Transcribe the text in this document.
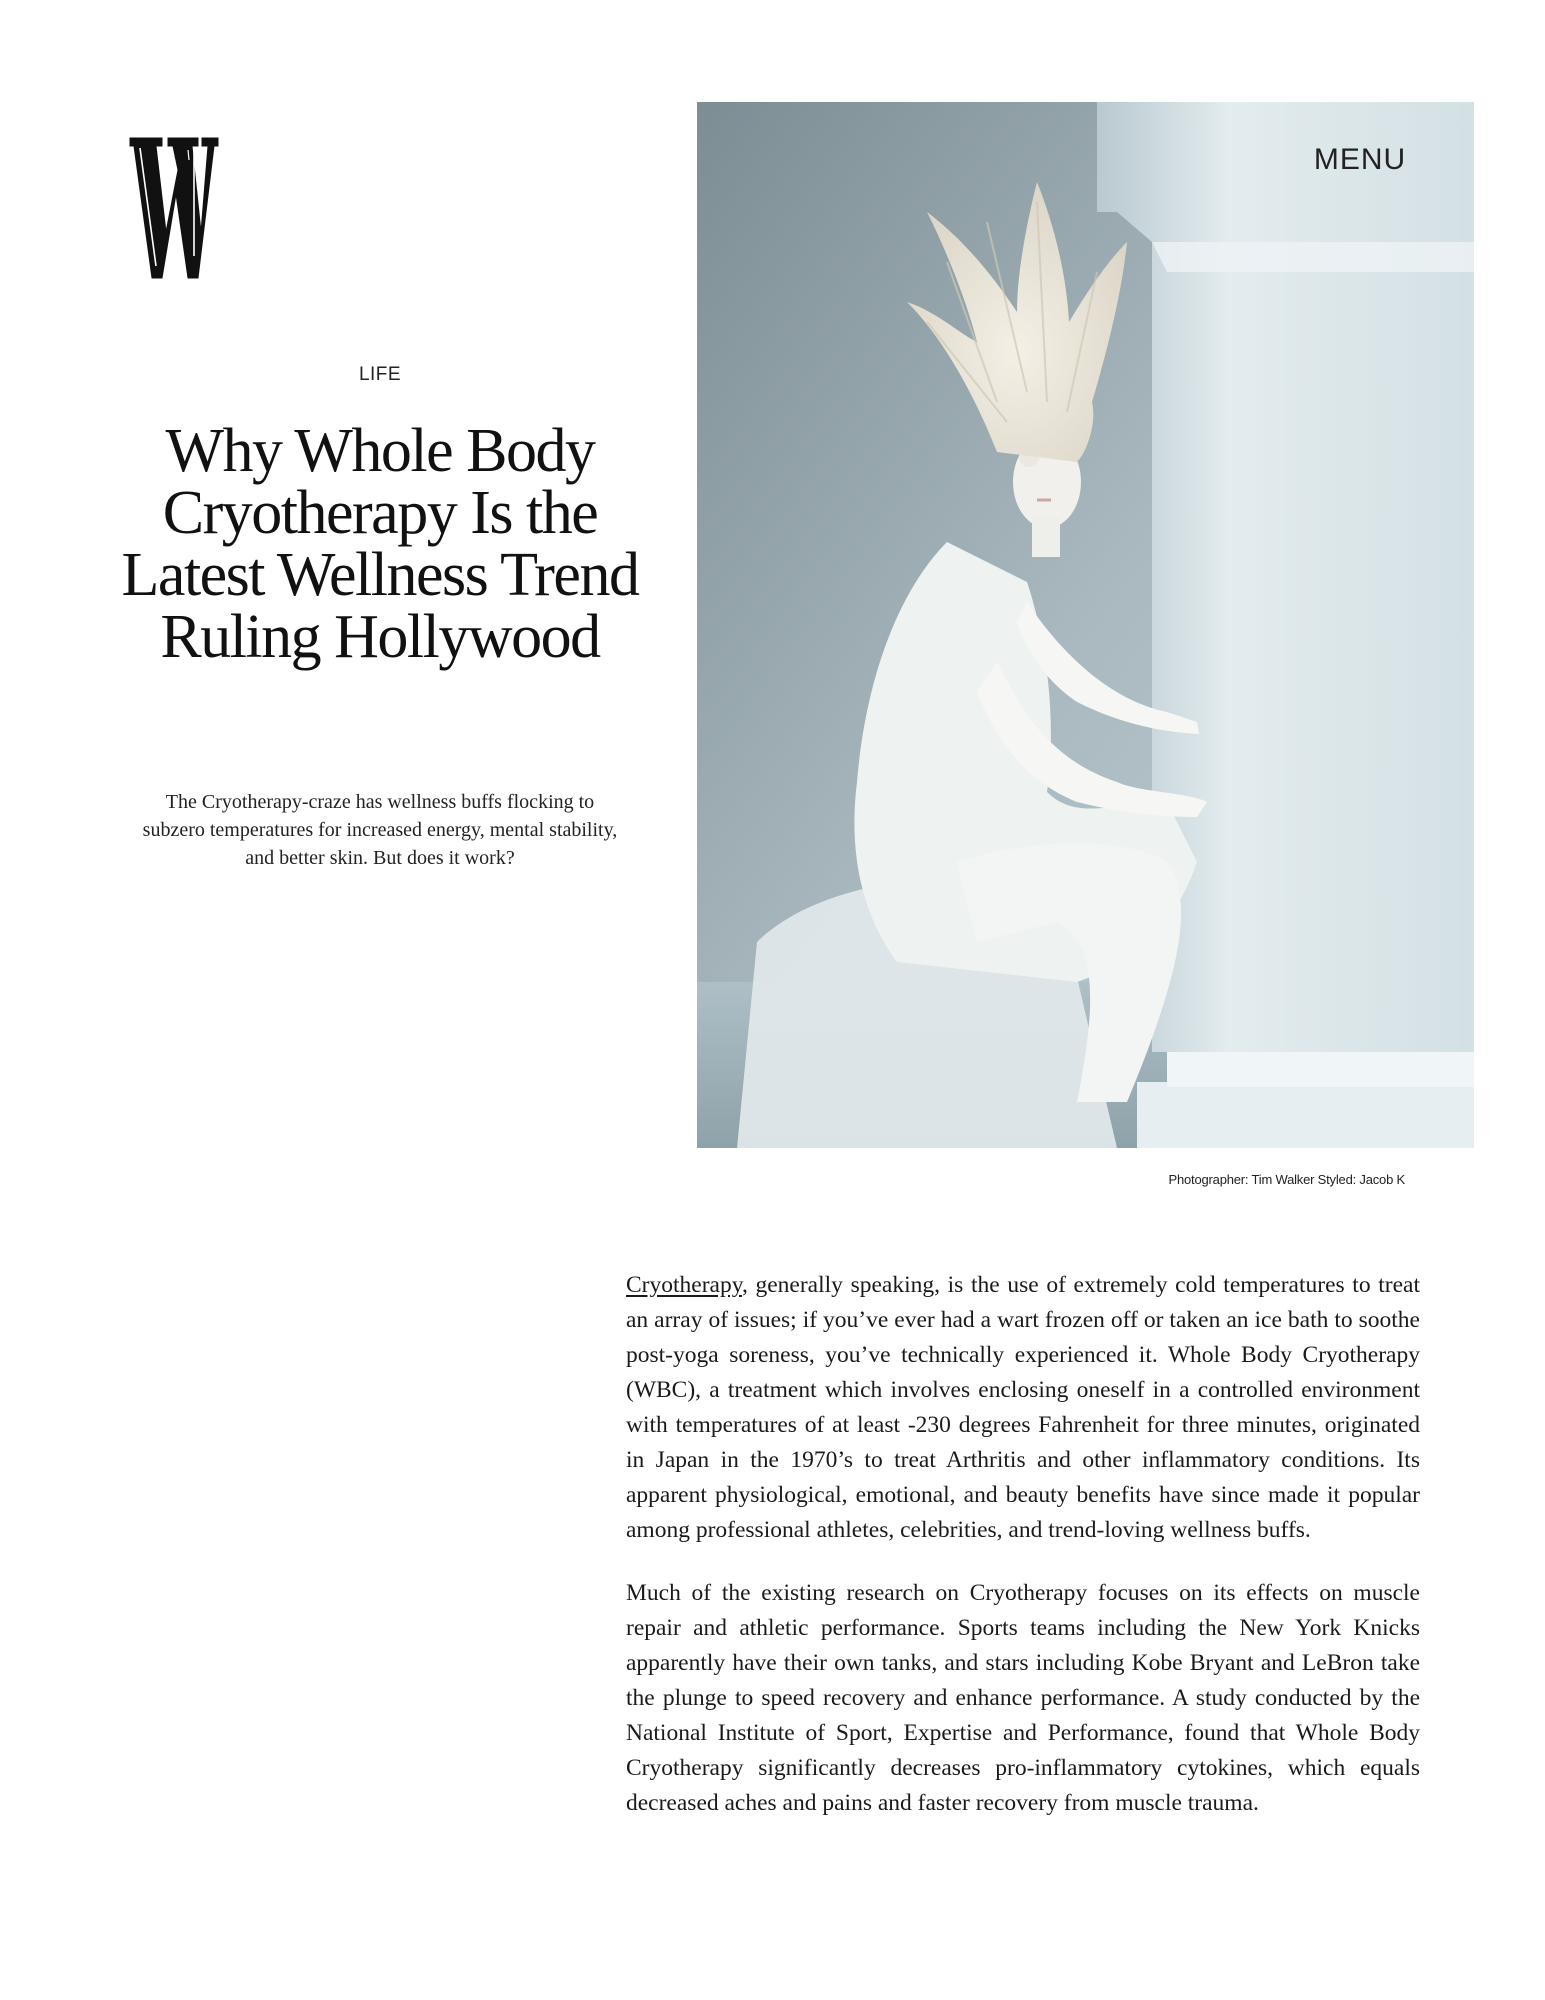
LIFE
Why Whole Body Cryotherapy Is the Latest Wellness Trend Ruling Hollywood

The Cryotherapy-craze has wellness buffs flocking to subzero temperatures for increased energy, mental stability, and better skin. But does it work?

MENU
Photographer: Tim Walker Styled: Jacob K

Cryotherapy, generally speaking, is the use of extremely cold temperatures to treat an array of issues; if you’ve ever had a wart frozen off or taken an ice bath to soothe post-yoga soreness, you’ve technically experienced it. Whole Body Cryotherapy (WBC), a treatment which involves enclosing oneself in a controlled environment with temperatures of at least -230 degrees Fahrenheit for three minutes, originated in Japan in the 1970’s to treat Arthritis and other inflammatory conditions. Its apparent physiological, emotional, and beauty benefits have since made it popular among professional athletes, celebrities, and trend-loving wellness buffs.

Much of the existing research on Cryotherapy focuses on its effects on muscle repair and athletic performance. Sports teams including the New York Knicks apparently have their own tanks, and stars including Kobe Bryant and LeBron take the plunge to speed recovery and enhance performance. A study conducted by the National Institute of Sport, Expertise and Performance, found that Whole Body Cryotherapy significantly decreases pro-inflammatory cytokines, which equals decreased aches and pains and faster recovery from muscle trauma.
